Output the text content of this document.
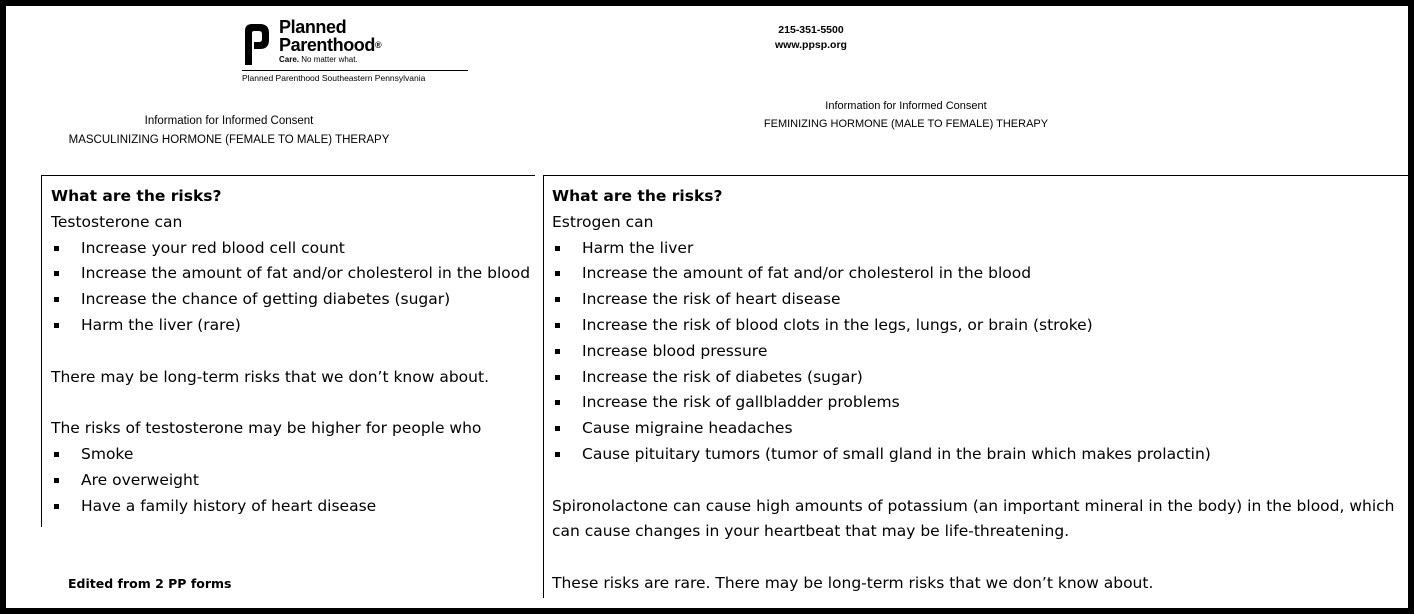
Planned
Parenthood®
Care. No matter what.
Planned Parenthood Southeastern Pennsylvania
215-351-5500
www.ppsp.org
Information for Informed Consent
MASCULINIZING HORMONE (FEMALE TO MALE) THERAPY
Information for Informed Consent
FEMINIZING HORMONE (MALE TO FEMALE) THERAPY

What are the risks?

Testosterone can

Increase your red blood cell count
Increase the amount of fat and/or cholesterol in the blood
Increase the chance of getting diabetes (sugar)
Harm the liver (rare)

There may be long-term risks that we don’t know about.

The risks of testosterone may be higher for people who

Smoke
Are overweight
Have a family history of heart disease
Edited from 2 PP forms

What are the risks?

Estrogen can

Harm the liver
Increase the amount of fat and/or cholesterol in the blood
Increase the risk of heart disease
Increase the risk of blood clots in the legs, lungs, or brain (stroke)
Increase blood pressure
Increase the risk of diabetes (sugar)
Increase the risk of gallbladder problems
Cause migraine headaches
Cause pituitary tumors (tumor of small gland in the brain which makes prolactin)

Spironolactone can cause high amounts of potassium (an important mineral in the body) in the blood, which can cause changes in your heartbeat that may be life-threatening.

These risks are rare. There may be long-term risks that we don’t know about.
